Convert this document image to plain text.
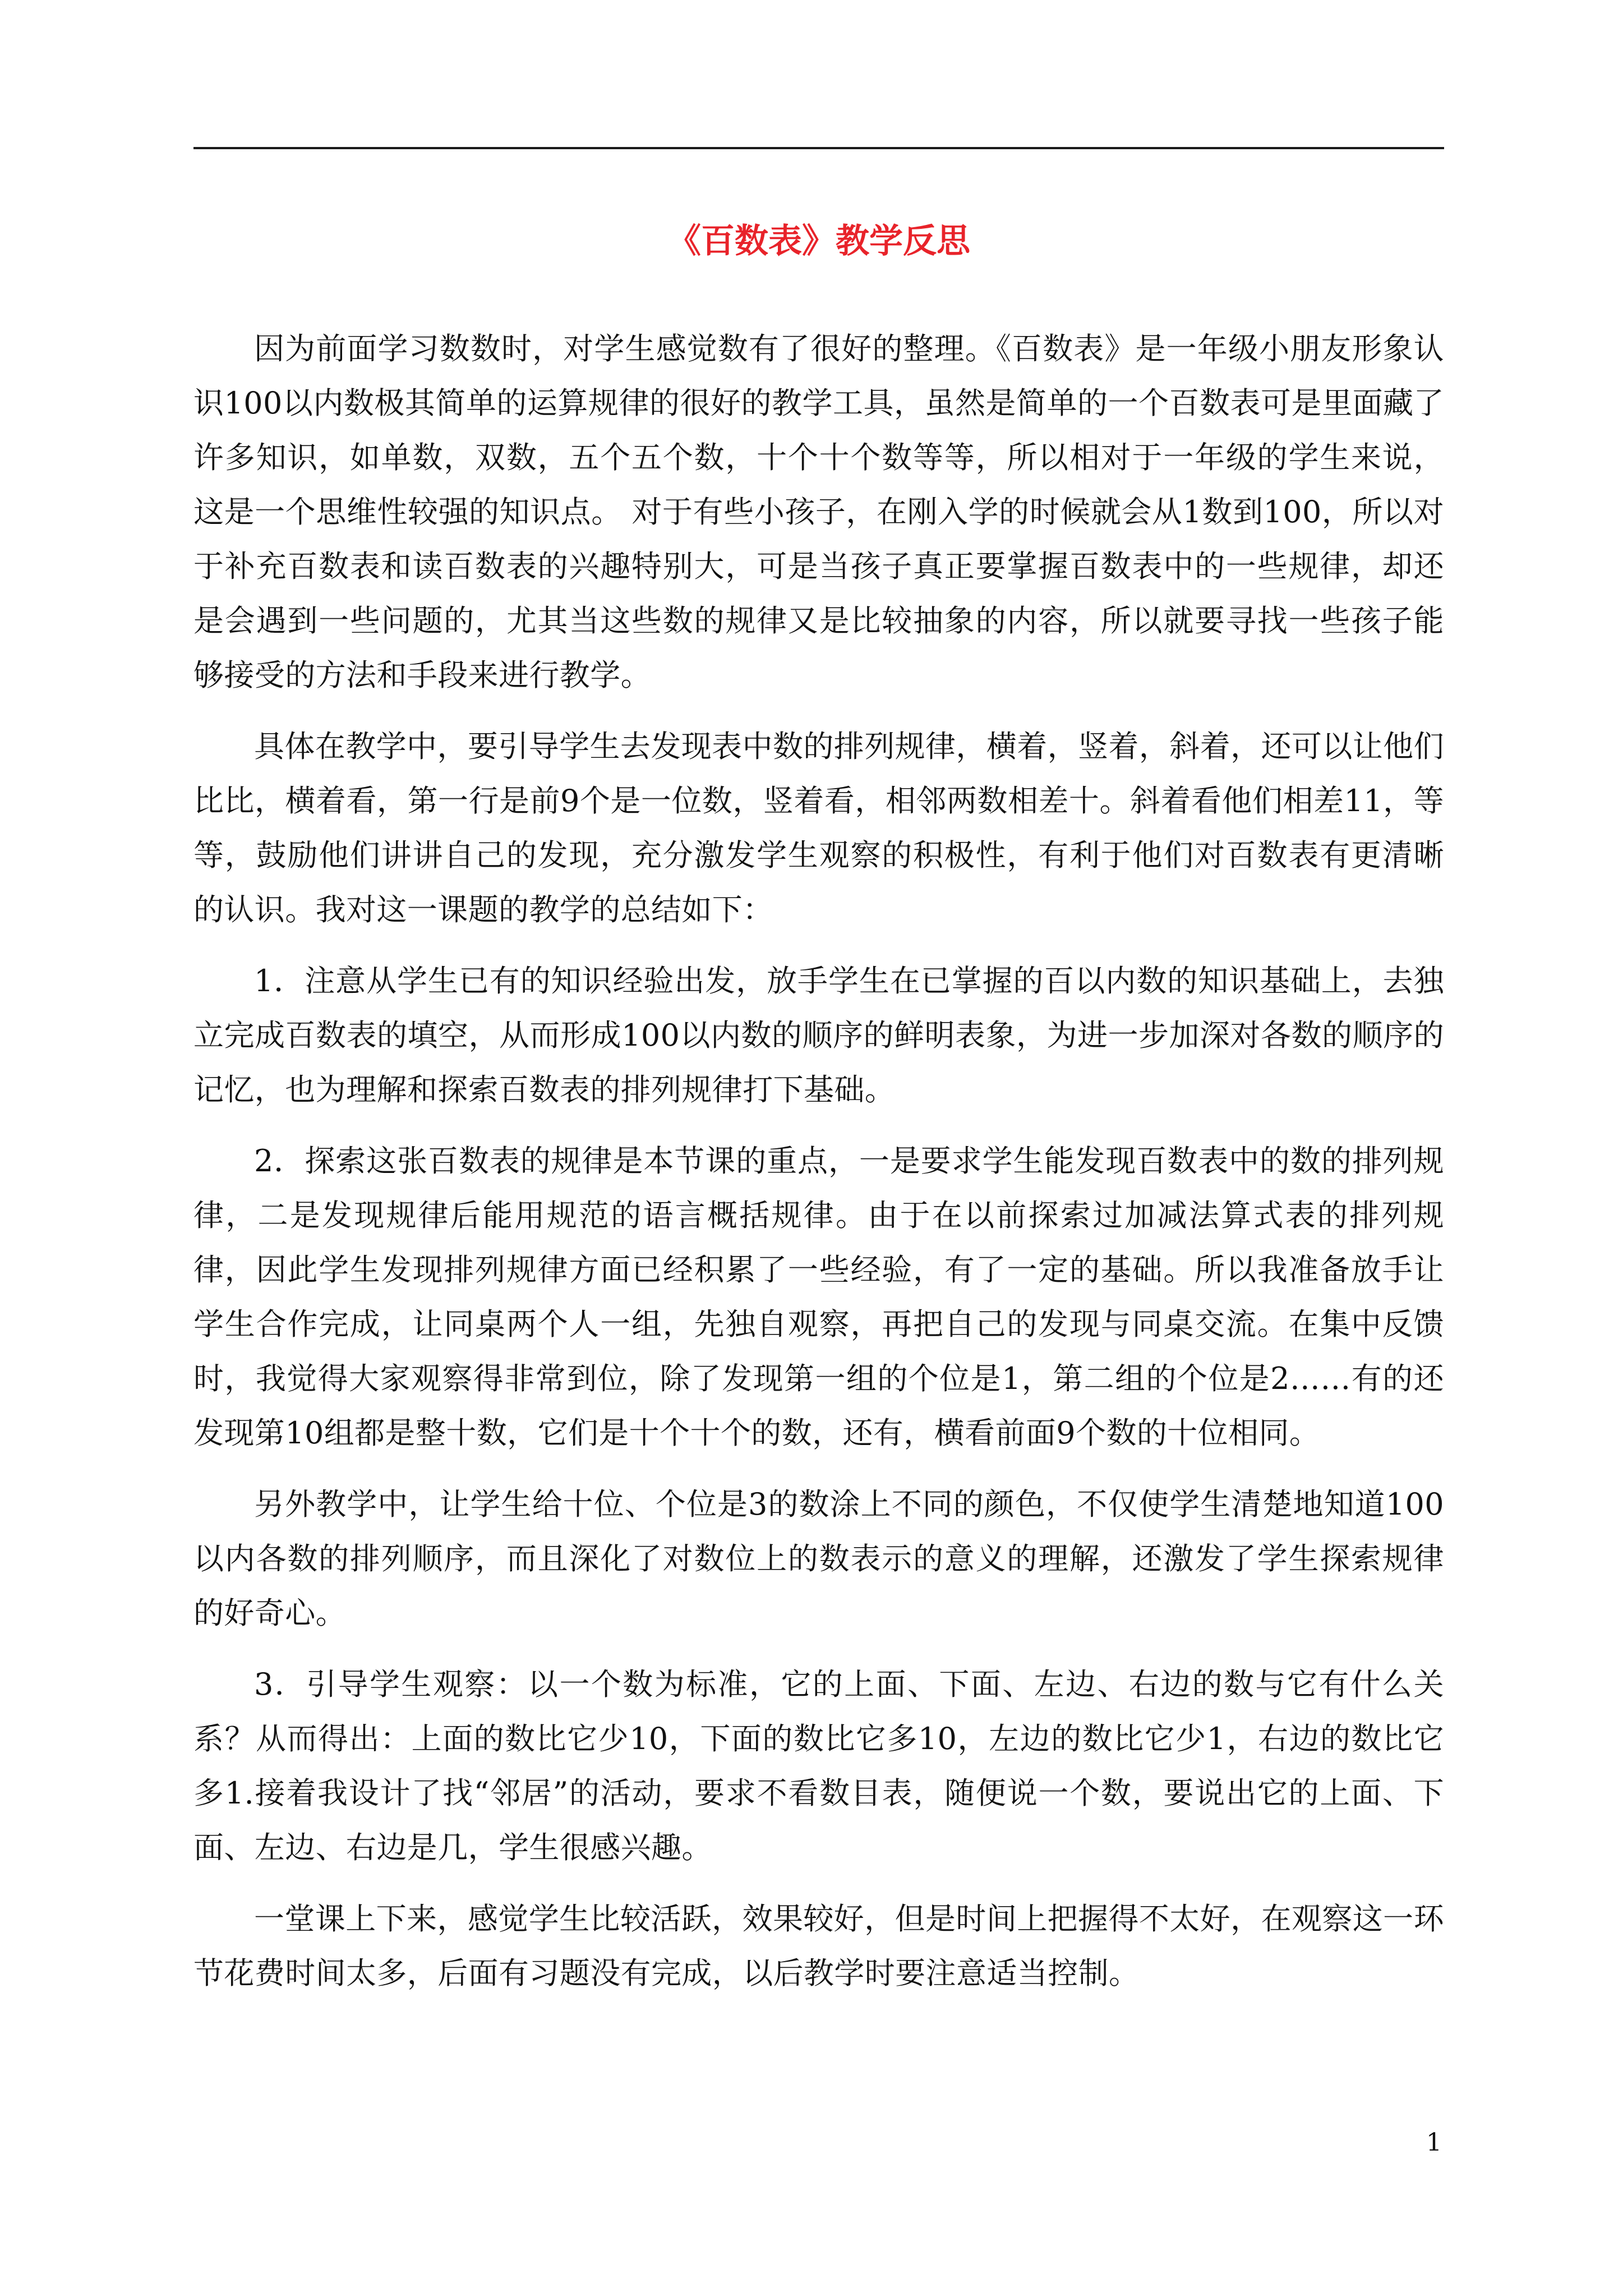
《百数表》教学反思

因为前面学习数数时，对学生感觉数有了很好的整理。《百数表》是一年级小朋友形象认识100以内数极其简单的运算规律的很好的教学工具，虽然是简单的一个百数表可是里面藏了许多知识，如单数，双数，五个五个数，十个十个数等等，所以相对于一年级的学生来说，这是一个思维性较强的知识点。 对于有些小孩子，在刚入学的时候就会从1数到100，所以对于补充百数表和读百数表的兴趣特别大，可是当孩子真正要掌握百数表中的一些规律，却还是会遇到一些问题的，尤其当这些数的规律又是比较抽象的内容，所以就要寻找一些孩子能够接受的方法和手段来进行教学。

具体在教学中，要引导学生去发现表中数的排列规律，横着，竖着，斜着，还可以让他们比比，横着看，第一行是前9个是一位数，竖着看，相邻两数相差十。斜着看他们相差11，等等，鼓励他们讲讲自己的发现，充分激发学生观察的积极性，有利于他们对百数表有更清晰的认识。我对这一课题的教学的总结如下：

1．注意从学生已有的知识经验出发，放手学生在已掌握的百以内数的知识基础上，去独立完成百数表的填空，从而形成100以内数的顺序的鲜明表象，为进一步加深对各数的顺序的记忆，也为理解和探索百数表的排列规律打下基础。

2．探索这张百数表的规律是本节课的重点，一是要求学生能发现百数表中的数的排列规律，二是发现规律后能用规范的语言概括规律。由于在以前探索过加减法算式表的排列规律，因此学生发现排列规律方面已经积累了一些经验，有了一定的基础。所以我准备放手让学生合作完成，让同桌两个人一组，先独自观察，再把自己的发现与同桌交流。在集中反馈时，我觉得大家观察得非常到位，除了发现第一组的个位是1，第二组的个位是2……有的还发现第10组都是整十数，它们是十个十个的数，还有，横看前面9个数的十位相同。

另外教学中，让学生给十位、个位是3的数涂上不同的颜色，不仅使学生清楚地知道100以内各数的排列顺序，而且深化了对数位上的数表示的意义的理解，还激发了学生探索规律的好奇心。

3．引导学生观察：以一个数为标准，它的上面、下面、左边、右边的数与它有什么关系？从而得出：上面的数比它少10，下面的数比它多10，左边的数比它少1，右边的数比它多1.接着我设计了找“邻居”的活动，要求不看数目表，随便说一个数，要说出它的上面、下面、左边、右边是几，学生很感兴趣。

一堂课上下来，感觉学生比较活跃，效果较好，但是时间上把握得不太好，在观察这一环节花费时间太多，后面有习题没有完成，以后教学时要注意适当控制。

1
